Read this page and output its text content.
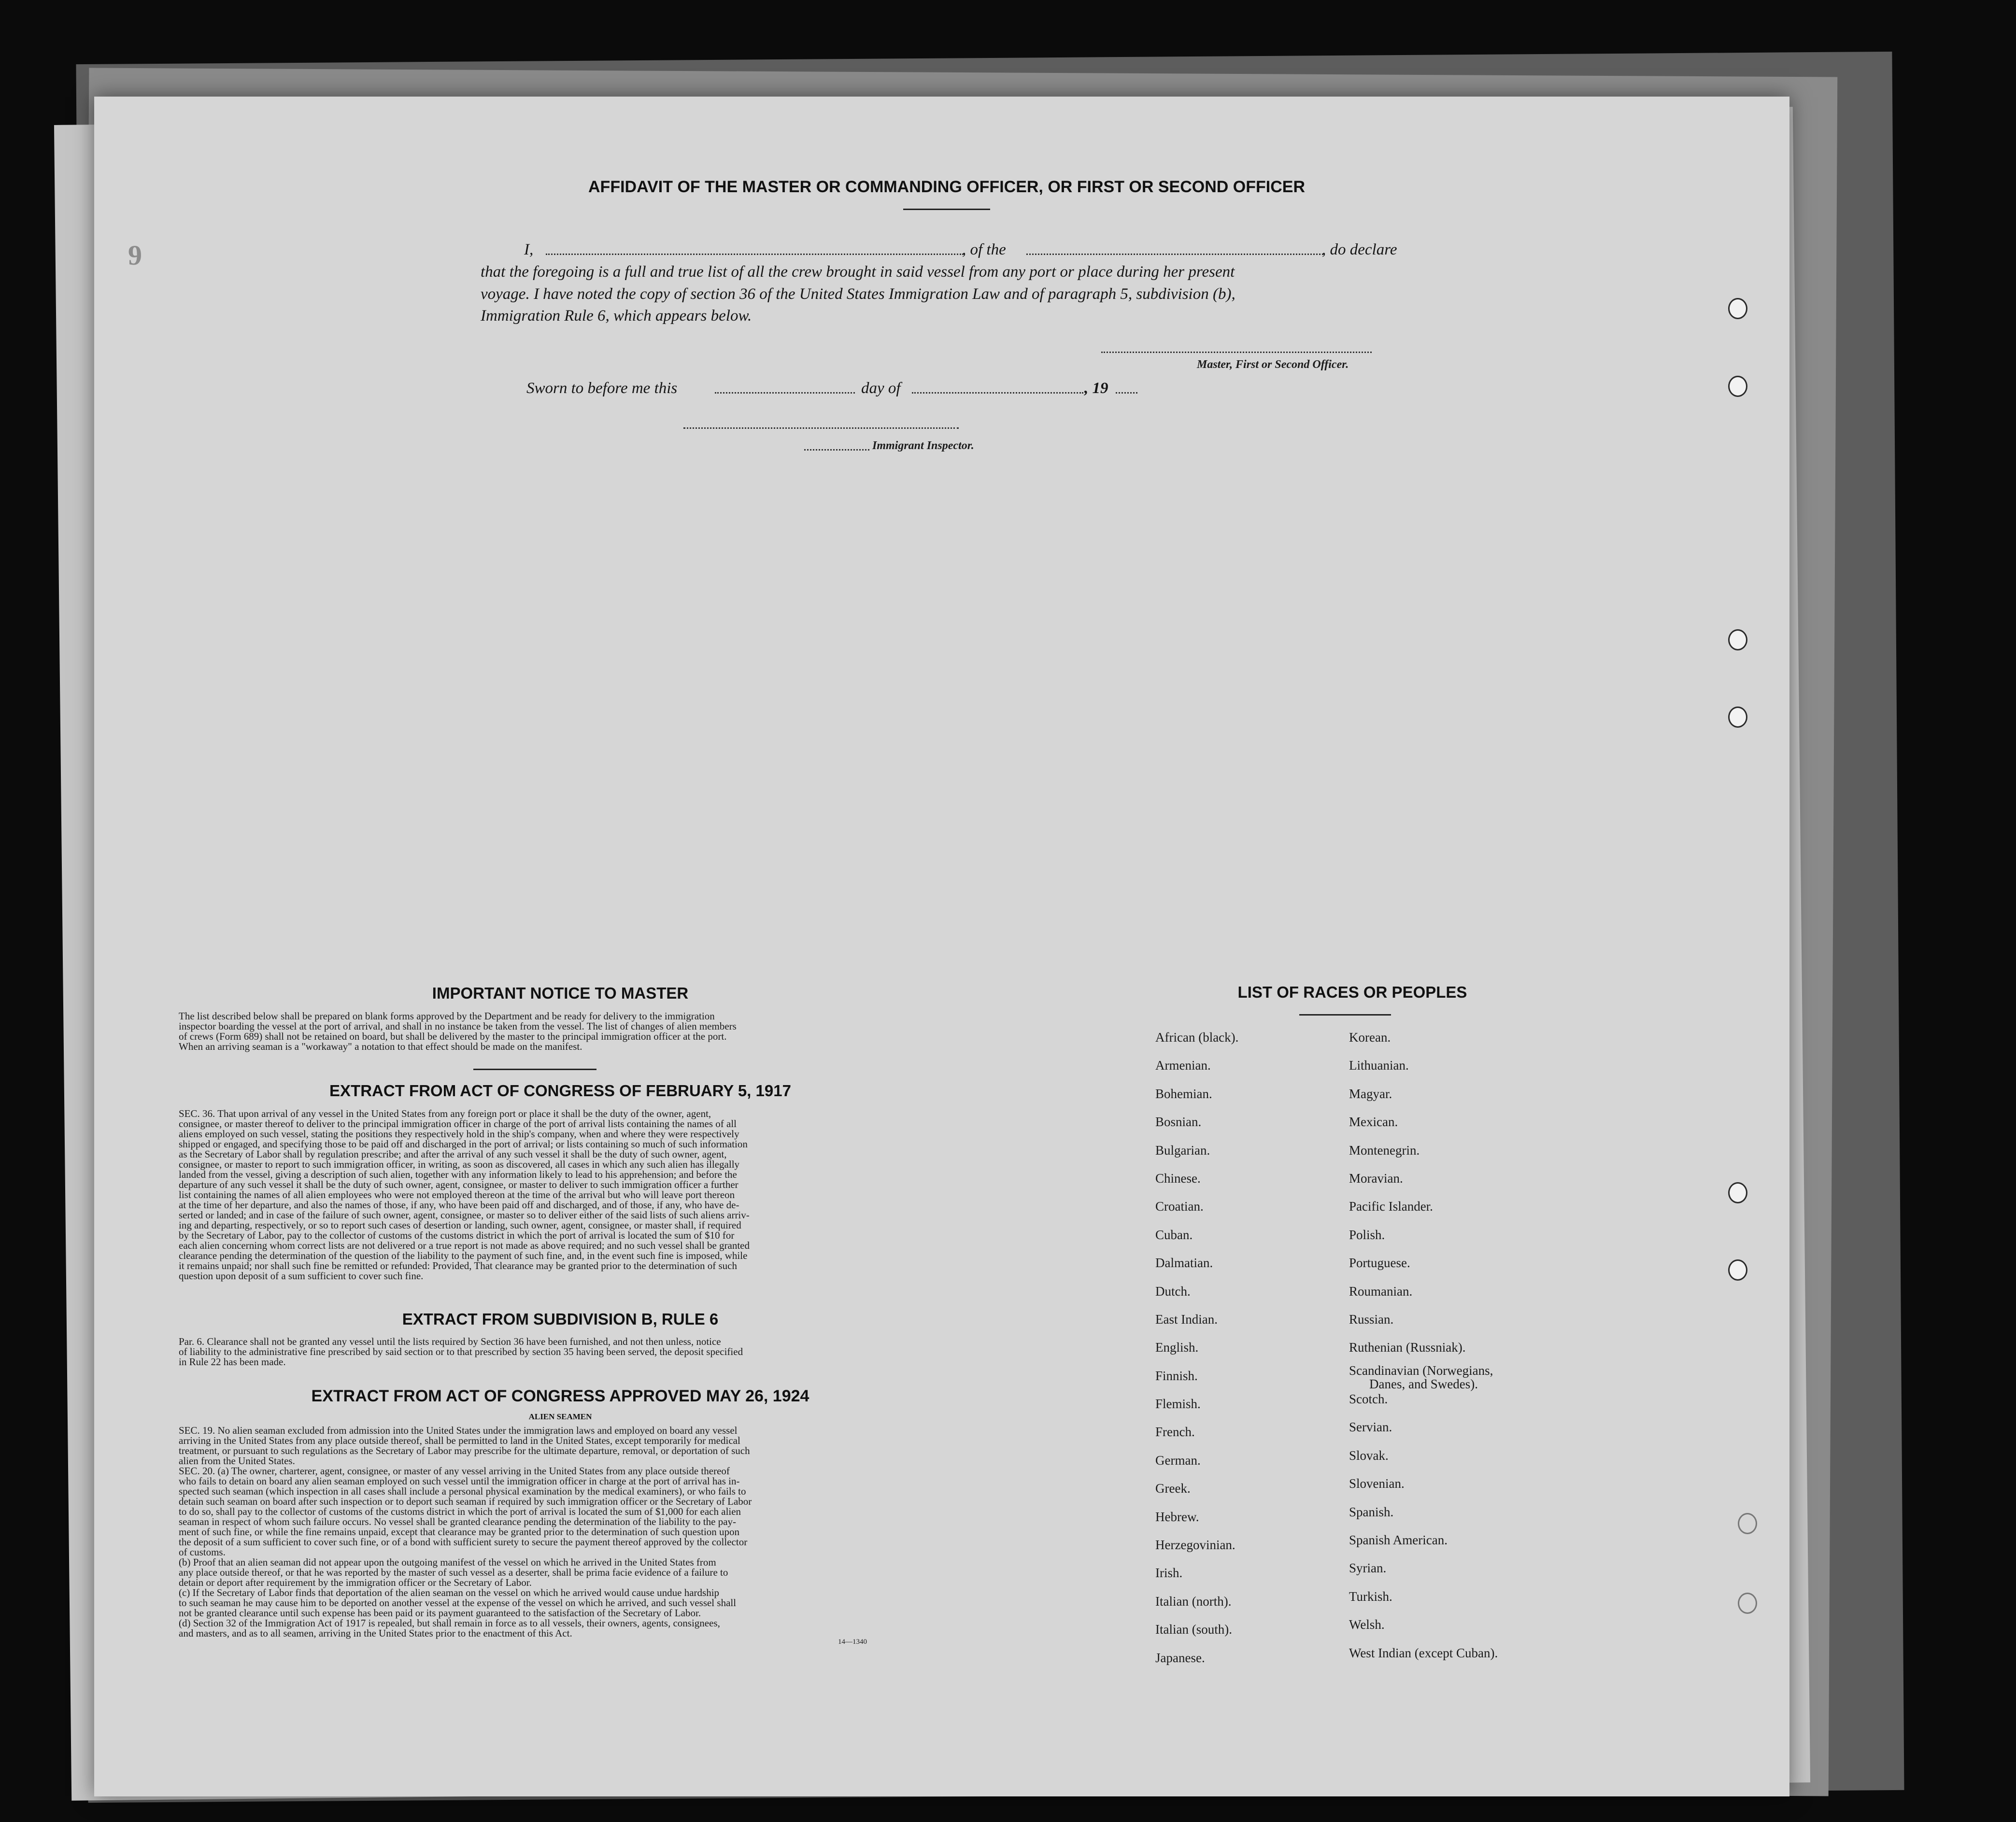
9
AFFIDAVIT OF THE MASTER OR COMMANDING OFFICER, OR FIRST OR SECOND OFFICER
I,	, of the	, do declare
that the foregoing is a full and true list of all the crew brought in said vessel from any port or place during her present
voyage. I have noted the copy of section 36 of the United States Immigration Law and of paragraph 5, subdivision (b),
Immigration Rule 6, which appears below.
Master, First or Second Officer.
Sworn to before me this	day of	, 19
Immigrant Inspector.
IMPORTANT NOTICE TO MASTER
The list described below shall be prepared on blank forms approved by the Department and be ready for delivery to the immigration
inspector boarding the vessel at the port of arrival, and shall in no instance be taken from the vessel. The list of changes of alien members
of crews (Form 689) shall not be retained on board, but shall be delivered by the master to the principal immigration officer at the port.
When an arriving seaman is a "workaway" a notation to that effect should be made on the manifest.
EXTRACT FROM ACT OF CONGRESS OF FEBRUARY 5, 1917
SEC. 36. That upon arrival of any vessel in the United States from any foreign port or place it shall be the duty of the owner, agent,
consignee, or master thereof to deliver to the principal immigration officer in charge of the port of arrival lists containing the names of all
aliens employed on such vessel, stating the positions they respectively hold in the ship's company, when and where they were respectively
shipped or engaged, and specifying those to be paid off and discharged in the port of arrival; or lists containing so much of such information
as the Secretary of Labor shall by regulation prescribe; and after the arrival of any such vessel it shall be the duty of such owner, agent,
consignee, or master to report to such immigration officer, in writing, as soon as discovered, all cases in which any such alien has illegally
landed from the vessel, giving a description of such alien, together with any information likely to lead to his apprehension; and before the
departure of any such vessel it shall be the duty of such owner, agent, consignee, or master to deliver to such immigration officer a further
list containing the names of all alien employees who were not employed thereon at the time of the arrival but who will leave port thereon
at the time of her departure, and also the names of those, if any, who have been paid off and discharged, and of those, if any, who have de-
serted or landed; and in case of the failure of such owner, agent, consignee, or master so to deliver either of the said lists of such aliens arriv-
ing and departing, respectively, or so to report such cases of desertion or landing, such owner, agent, consignee, or master shall, if required
by the Secretary of Labor, pay to the collector of customs of the customs district in which the port of arrival is located the sum of $10 for
each alien concerning whom correct lists are not delivered or a true report is not made as above required; and no such vessel shall be granted
clearance pending the determination of the question of the liability to the payment of such fine, and, in the event such fine is imposed, while
it remains unpaid; nor shall such fine be remitted or refunded: Provided, That clearance may be granted prior to the determination of such
question upon deposit of a sum sufficient to cover such fine.
EXTRACT FROM SUBDIVISION B, RULE 6
Par. 6. Clearance shall not be granted any vessel until the lists required by Section 36 have been furnished, and not then unless, notice
of liability to the administrative fine prescribed by said section or to that prescribed by section 35 having been served, the deposit specified
in Rule 22 has been made.
EXTRACT FROM ACT OF CONGRESS APPROVED MAY 26, 1924
ALIEN SEAMEN
SEC. 19. No alien seaman excluded from admission into the United States under the immigration laws and employed on board any vessel
arriving in the United States from any place outside thereof, shall be permitted to land in the United States, except temporarily for medical
treatment, or pursuant to such regulations as the Secretary of Labor may prescribe for the ultimate departure, removal, or deportation of such
alien from the United States.
SEC. 20. (a) The owner, charterer, agent, consignee, or master of any vessel arriving in the United States from any place outside thereof
who fails to detain on board any alien seaman employed on such vessel until the immigration officer in charge at the port of arrival has in-
spected such seaman (which inspection in all cases shall include a personal physical examination by the medical examiners), or who fails to
detain such seaman on board after such inspection or to deport such seaman if required by such immigration officer or the Secretary of Labor
to do so, shall pay to the collector of customs of the customs district in which the port of arrival is located the sum of $1,000 for each alien
seaman in respect of whom such failure occurs. No vessel shall be granted clearance pending the determination of the liability to the pay-
ment of such fine, or while the fine remains unpaid, except that clearance may be granted prior to the determination of such question upon
the deposit of a sum sufficient to cover such fine, or of a bond with sufficient surety to secure the payment thereof approved by the collector
of customs.
(b) Proof that an alien seaman did not appear upon the outgoing manifest of the vessel on which he arrived in the United States from
any place outside thereof, or that he was reported by the master of such vessel as a deserter, shall be prima facie evidence of a failure to
detain or deport after requirement by the immigration officer or the Secretary of Labor.
(c) If the Secretary of Labor finds that deportation of the alien seaman on the vessel on which he arrived would cause undue hardship
to such seaman he may cause him to be deported on another vessel at the expense of the vessel on which he arrived, and such vessel shall
not be granted clearance until such expense has been paid or its payment guaranteed to the satisfaction of the Secretary of Labor.
(d) Section 32 of the Immigration Act of 1917 is repealed, but shall remain in force as to all vessels, their owners, agents, consignees,
and masters, and as to all seamen, arriving in the United States prior to the enactment of this Act.
14—1340
LIST OF RACES OR PEOPLES
African (black).
Armenian.
Bohemian.
Bosnian.
Bulgarian.
Chinese.
Croatian.
Cuban.
Dalmatian.
Dutch.
East Indian.
English.
Finnish.
Flemish.
French.
German.
Greek.
Hebrew.
Herzegovinian.
Irish.
Italian (north).
Italian (south).
Japanese.
Korean.
Lithuanian.
Magyar.
Mexican.
Montenegrin.
Moravian.
Pacific Islander.
Polish.
Portuguese.
Roumanian.
Russian.
Ruthenian (Russniak).
Scandinavian (Norwegians,
Danes, and Swedes).
Scotch.
Servian.
Slovak.
Slovenian.
Spanish.
Spanish American.
Syrian.
Turkish.
Welsh.
West Indian (except Cuban).
